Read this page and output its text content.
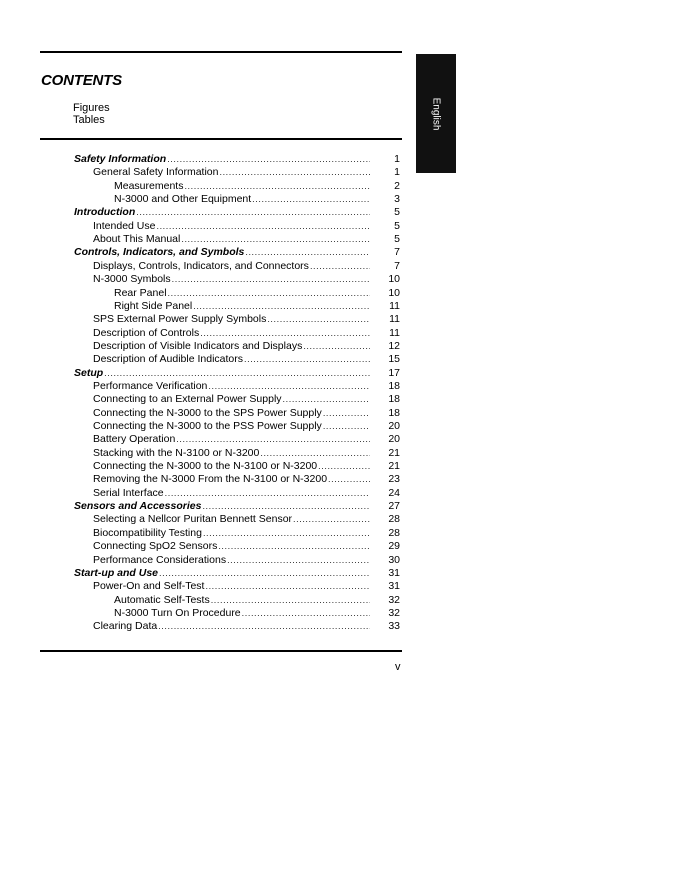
CONTENTS
Figures
Tables	English
Safety Information .....	1
General Safety Information .....	1
Measurements .....	2
N-3000 and Other Equipment .....	3
Introduction .....	5
Intended Use .....	5
About This Manual .....	5
Controls, Indicators, and Symbols .....	7
Displays, Controls, Indicators, and Connectors .....	7
N-3000 Symbols .....	10
Rear Panel .....	10
Right Side Panel .....	11
SPS External Power Supply Symbols .....	11
Description of Controls .....	11
Description of Visible Indicators and Displays .....	12
Description of Audible Indicators .....	15
Setup .....	17
Performance Verification .....	18
Connecting to an External Power Supply .....	18
Connecting the N-3000 to the SPS Power Supply .....	18
Connecting the N-3000 to the PSS Power Supply .....	20
Battery Operation .....	20
Stacking with the N-3100 or N-3200 .....	21
Connecting the N-3000 to the N-3100 or N-3200 .....	21
Removing the N-3000 From the N-3100 or N-3200 .....	23
Serial Interface .....	24
Sensors and Accessories .....	27
Selecting a Nellcor Puritan Bennett Sensor .....	28
Biocompatibility Testing .....	28
Connecting SpO2 Sensors .....	29
Performance Considerations .....	30
Start-up and Use .....	31
Power-On and Self-Test .....	31
Automatic Self-Tests .....	32
N-3000 Turn On Procedure .....	32
Clearing Data .....	33
v
